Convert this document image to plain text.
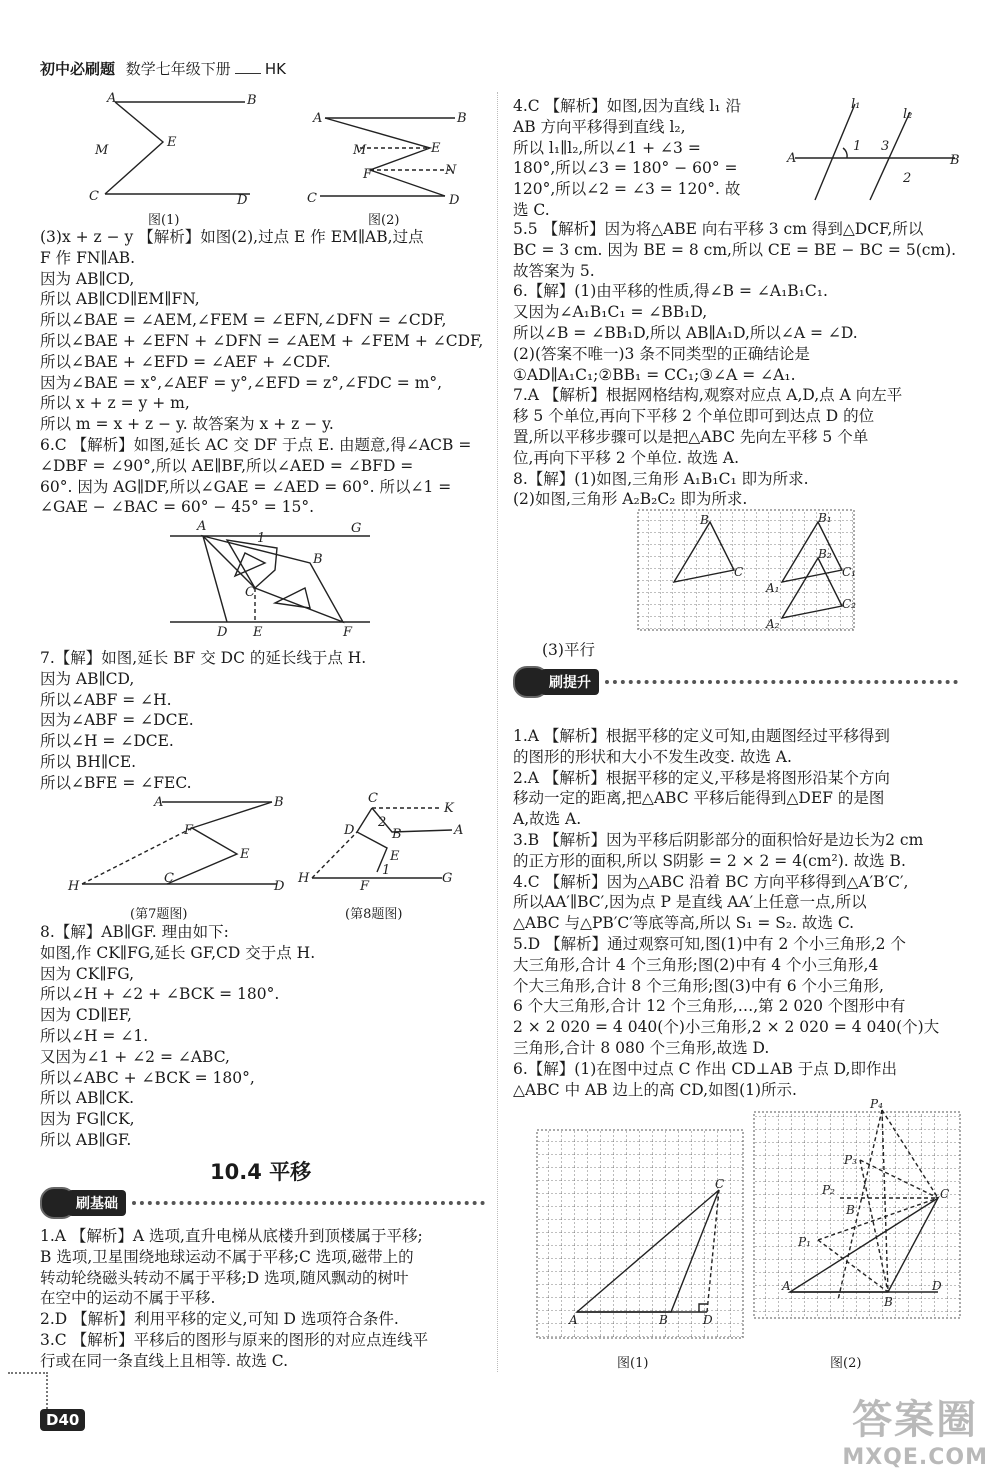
初中必刷题 数学七年级下册 HK
A	B
M
E
C	D
A	B
M	E
F	N
C	D
图(1)	图(2)

(3)x + z − y 【解析】如图(2),过点 E 作 EM∥AB,过点

F 作 FN∥AB.

因为 AB∥CD,

所以 AB∥CD∥EM∥FN,

所以∠BAE = ∠AEM,∠FEM = ∠EFN,∠DFN = ∠CDF,

所以∠BAE + ∠EFN + ∠DFN = ∠AEM + ∠FEM + ∠CDF,

所以∠BAE + ∠EFD = ∠AEF + ∠CDF.

因为∠BAE = x°,∠AEF = y°,∠EFD = z°,∠FDC = m°,

所以 x + z = y + m,

所以 m = x + z − y. 故答案为 x + z − y.

6.C 【解析】如图,延长 AC 交 DF 于点 E. 由题意,得∠ACB =

∠DBF = ∠90°,所以 AE∥BF,所以∠AED = ∠BFD =

60°. 因为 AG∥DF,所以∠GAE = ∠AED = 60°. 所以∠1 =

∠GAE − ∠BAC = 60° − 45° = 15°.

A	G
B
C
1
D E	F

7.【解】如图,延长 BF 交 DC 的延长线于点 H.

因为 AB∥CD,

所以∠ABF = ∠H.

因为∠ABF = ∠DCE.

所以∠H = ∠DCE.

所以 BH∥CE.

所以∠BFE = ∠FEC.

A	B
F
E
H
C
D
C
K
D	B	A
2
E
H
1
F
G
(第7题图)	(第8题图)

8.【解】AB∥GF. 理由如下:

如图,作 CK∥FG,延长 GF,CD 交于点 H.

因为 CK∥FG,

所以∠H + ∠2 + ∠BCK = 180°.

因为 CD∥EF,

所以∠H = ∠1.

又因为∠1 + ∠2 = ∠ABC,

所以∠ABC + ∠BCK = 180°,

所以 AB∥CK.

因为 FG∥CK,

所以 AB∥GF.

10.4 平移
刷基础

1.A 【解析】A 选项,直升电梯从底楼升到顶楼属于平移;

B 选项,卫星围绕地球运动不属于平移;C 选项,磁带上的

转动轮绕磁头转动不属于平移;D 选项,随风飘动的树叶

在空中的运动不属于平移.

2.D 【解析】利用平移的定义,可知 D 选项符合条件.

3.C 【解析】平移后的图形与原来的图形的对应点连线平

行或在同一条直线上且相等. 故选 C.

4.C 【解析】如图,因为直线 l₁ 沿

AB 方向平移得到直线 l₂,

所以 l₁∥l₂,所以∠1 + ∠3 =

180°,所以∠3 = 180° − 60° =

120°,所以∠2 = ∠3 = 120°. 故

选 C.

A	B
l₁
l₂
1 3
2

5.5 【解析】因为将△ABE 向右平移 3 cm 得到△DCF,所以

BC = 3 cm. 因为 BE = 8 cm,所以 CE = BE − BC = 5(cm).

故答案为 5.

6.【解】(1)由平移的性质,得∠B = ∠A₁B₁C₁.

又因为∠A₁B₁C₁ = ∠BB₁D,

所以∠B = ∠BB₁D,所以 AB∥A₁D,所以∠A = ∠D.

(2)(答案不唯一)3 条不同类型的正确结论是

①AD∥A₁C₁;②BB₁ = CC₁;③∠A = ∠A₁.

7.A 【解析】根据网格结构,观察对应点 A,D,点 A 向左平

移 5 个单位,再向下平移 2 个单位即可到达点 D 的位

置,所以平移步骤可以是把△ABC 先向左平移 5 个单

位,再向下平移 2 个单位. 故选 A.

8.【解】(1)如图,三角形 A₁B₁C₁ 即为所求.

(2)如图,三角形 A₂B₂C₂ 即为所求.

B
C
B₁
C₁
A₁
B₂
C₂
A₂
(3)平行
刷提升

1.A 【解析】根据平移的定义可知,由题图经过平移得到

的图形的形状和大小不发生改变. 故选 A.

2.A 【解析】根据平移的定义,平移是将图形沿某个方向

移动一定的距离,把△ABC 平移后能得到△DEF 的是图

A,故选 A.

3.B 【解析】因为平移后阴影部分的面积恰好是边长为2 cm

的正方形的面积,所以 S阴影 = 2 × 2 = 4(cm²). 故选 B.

4.C 【解析】因为△ABC 沿着 BC 方向平移得到△A′B′C′,

所以AA′∥BC′,因为点 P 是直线 AA′上任意一点,所以

△ABC 与△PB′C′等底等高,所以 S₁ = S₂. 故选 C.

5.D 【解析】通过观察可知,图(1)中有 2 个小三角形,2 个

大三角形,合计 4 个三角形;图(2)中有 4 个小三角形,4

个大三角形,合计 8 个三角形;图(3)中有 6 个小三角形,

6 个大三角形,合计 12 个三角形,…,第 2 020 个图形中有

2 × 2 020 = 4 040(个)小三角形,2 × 2 020 = 4 040(个)大

三角形,合计 8 080 个三角形,故选 D.

6.【解】(1)在图中过点 C 作出 CD⊥AB 于点 D,即作出

△ABC 中 AB 边上的高 CD,如图(1)所示.

A	B	D
C
图(1)
P₄
P₃
P₂
P₁
C
B
A
B
D
图(2)
D40	答案圈
MXQE.COM
